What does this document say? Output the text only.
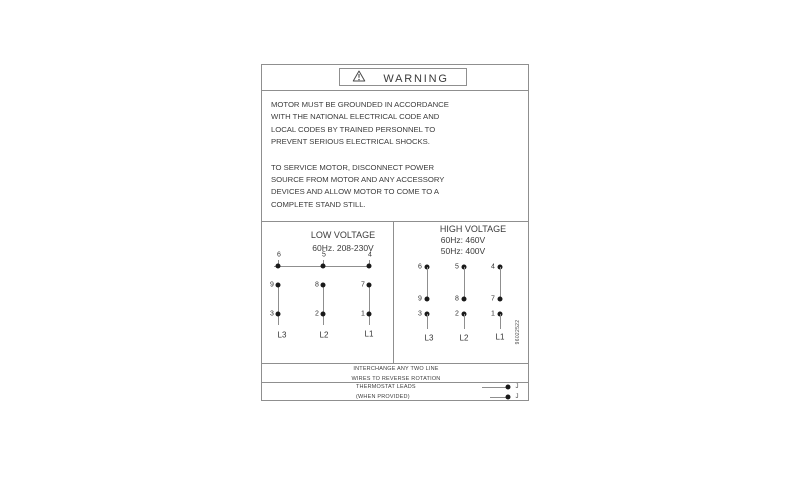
WARNING
MOTOR MUST BE GROUNDED IN ACCORDANCE
WITH THE NATIONAL ELECTRICAL CODE AND
LOCAL CODES BY TRAINED PERSONNEL TO
PREVENT SERIOUS ELECTRICAL SHOCKS.
TO SERVICE MOTOR, DISCONNECT POWER
SOURCE FROM MOTOR AND ANY ACCESSORY
DEVICES AND ALLOW MOTOR TO COME TO A
COMPLETE STAND STILL.
LOW VOLTAGE
60Hz. 208-230V
6	5	4
9	8	7
3	2	1
L3	L2	L1
HIGH VOLTAGE
60Hz: 460V
50Hz: 400V
6	5	4
9	8	7
3	2	1
L3	L2	L1 96022522
INTERCHANGE ANY TWO LINE
WIRES TO REVERSE ROTATION
THERMOSTAT LEADS
(WHEN PROVIDED)
J
J
